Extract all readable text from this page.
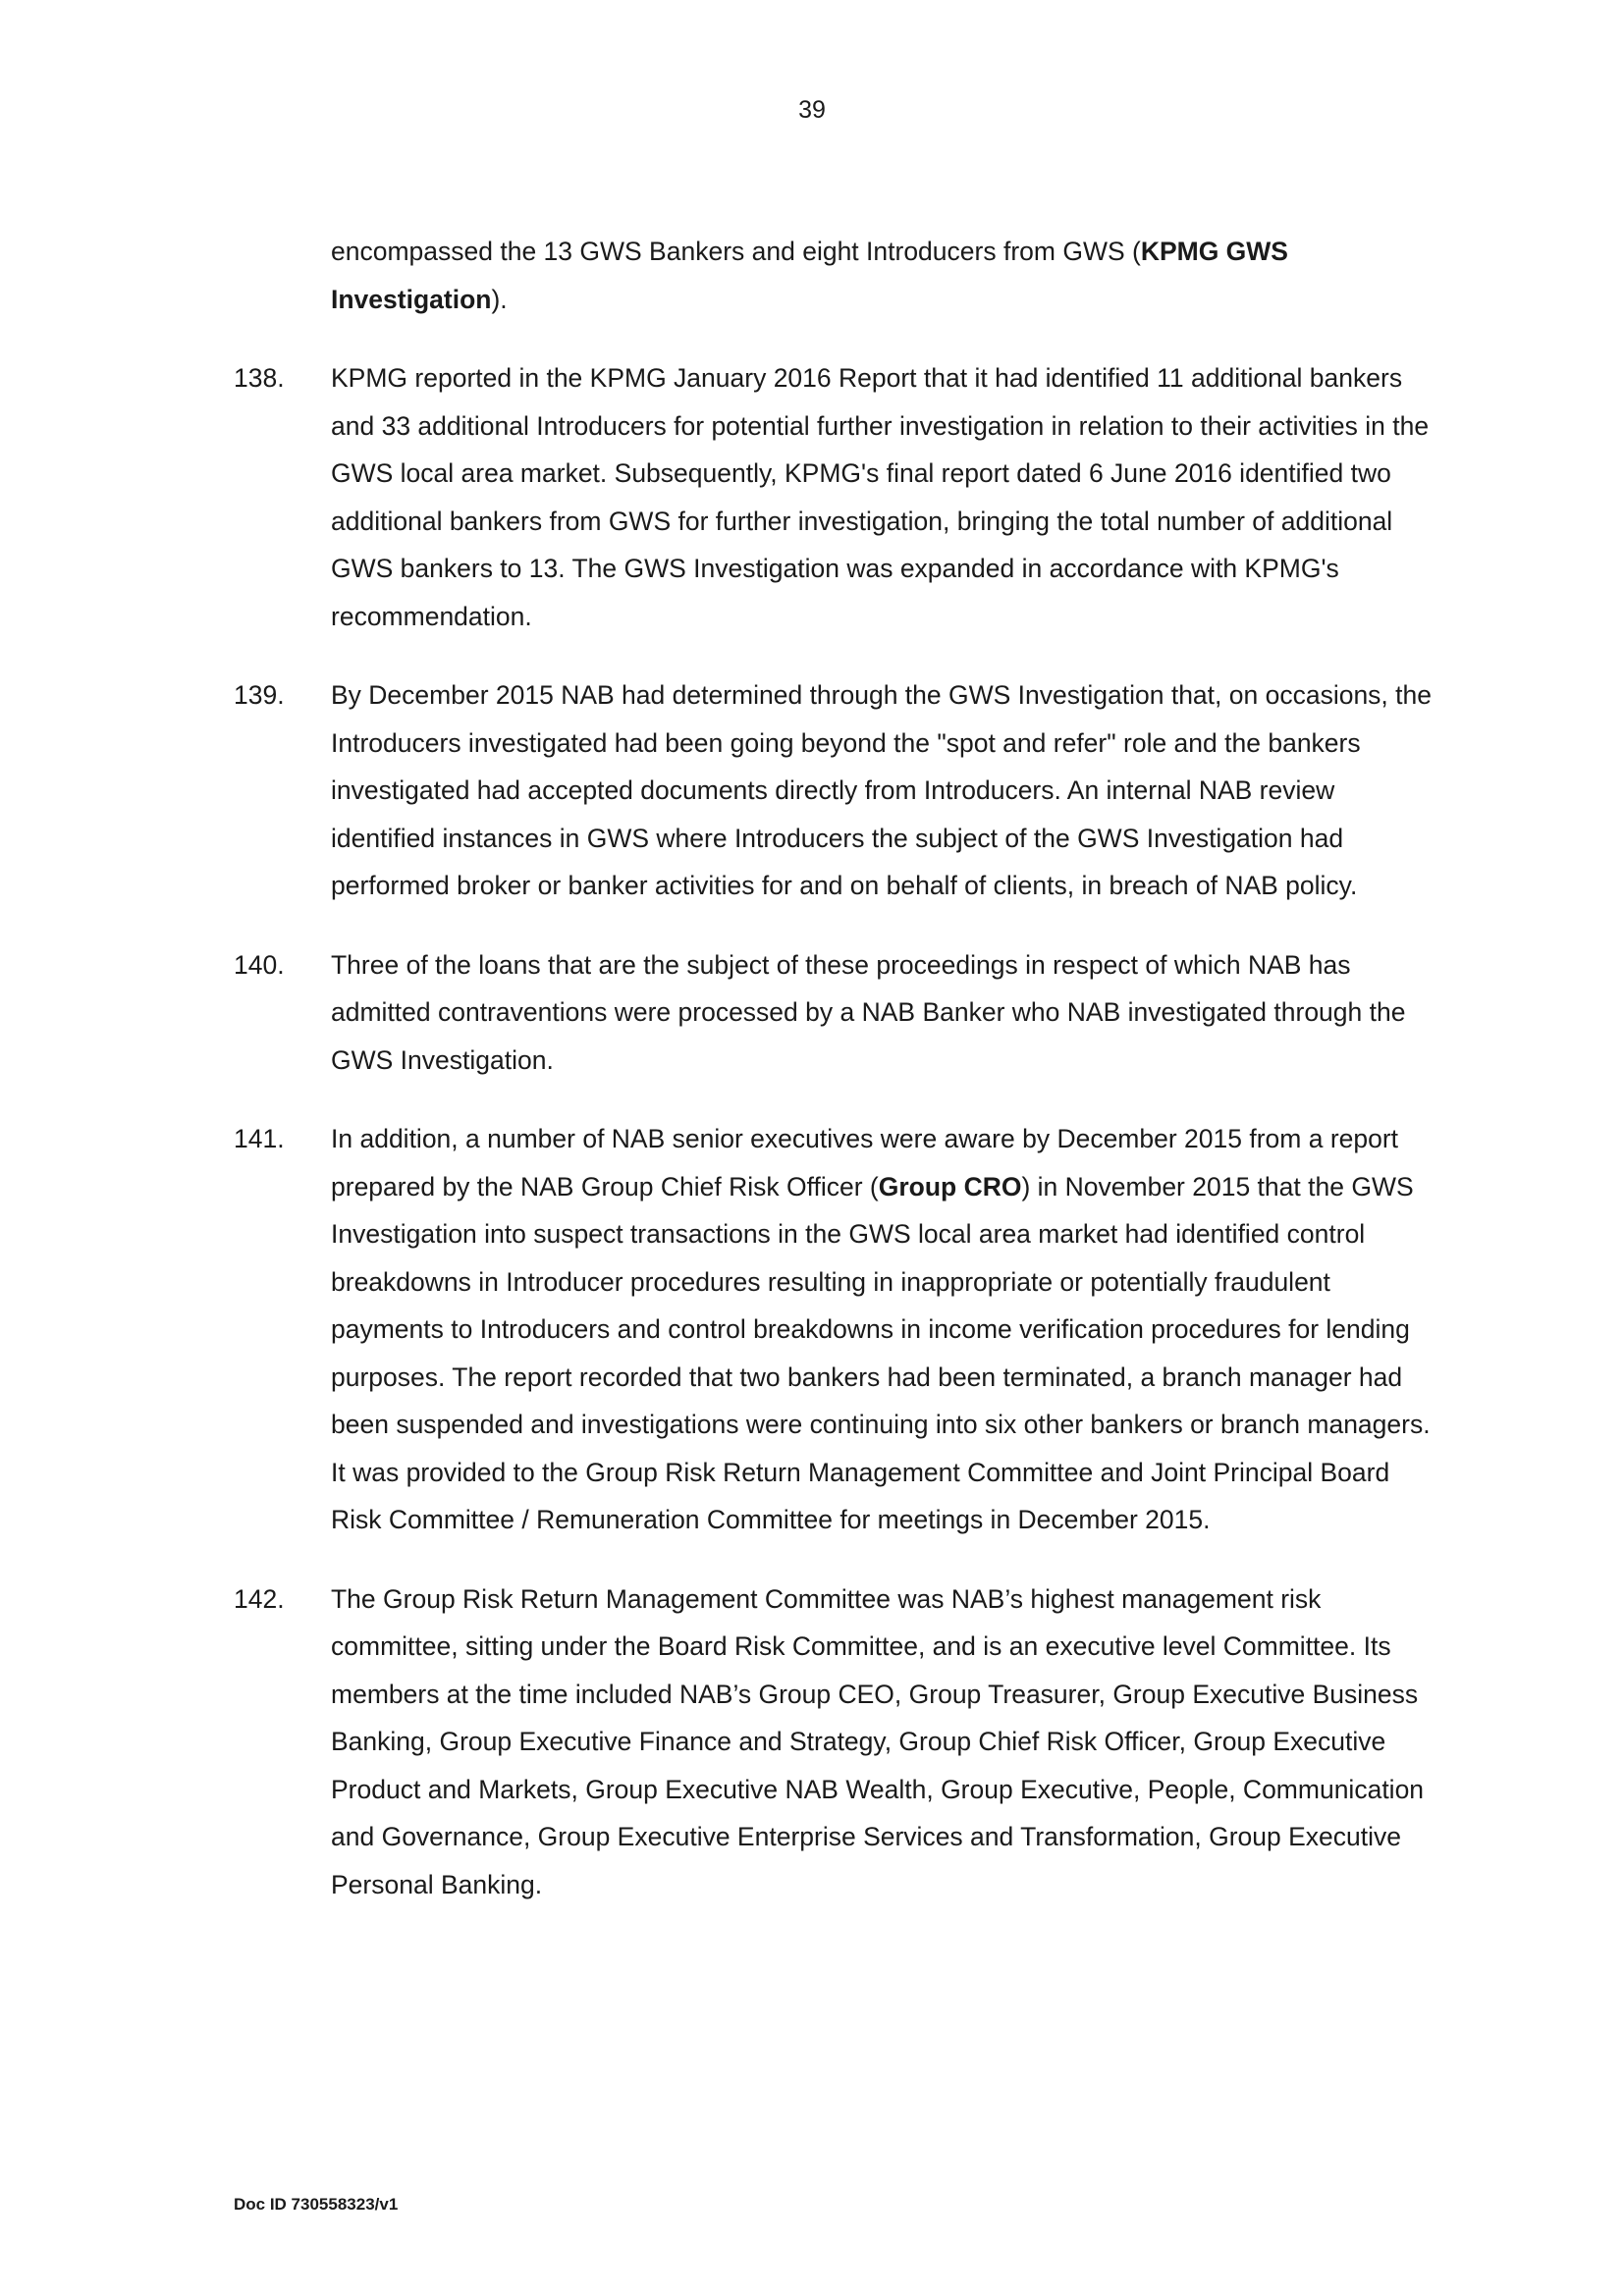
39
encompassed the 13 GWS Bankers and eight Introducers from GWS (KPMG GWS Investigation).
138.	KPMG reported in the KPMG January 2016 Report that it had identified 11 additional bankers and 33 additional Introducers for potential further investigation in relation to their activities in the GWS local area market. Subsequently, KPMG's final report dated 6 June 2016 identified two additional bankers from GWS for further investigation, bringing the total number of additional GWS bankers to 13. The GWS Investigation was expanded in accordance with KPMG's recommendation.
139.	By December 2015 NAB had determined through the GWS Investigation that, on occasions, the Introducers investigated had been going beyond the "spot and refer" role and the bankers investigated had accepted documents directly from Introducers. An internal NAB review identified instances in GWS where Introducers the subject of the GWS Investigation had performed broker or banker activities for and on behalf of clients, in breach of NAB policy.
140.	Three of the loans that are the subject of these proceedings in respect of which NAB has admitted contraventions were processed by a NAB Banker who NAB investigated through the GWS Investigation.
141.	In addition, a number of NAB senior executives were aware by December 2015 from a report prepared by the NAB Group Chief Risk Officer (Group CRO) in November 2015 that the GWS Investigation into suspect transactions in the GWS local area market had identified control breakdowns in Introducer procedures resulting in inappropriate or potentially fraudulent payments to Introducers and control breakdowns in income verification procedures for lending purposes. The report recorded that two bankers had been terminated, a branch manager had been suspended and investigations were continuing into six other bankers or branch managers. It was provided to the Group Risk Return Management Committee and Joint Principal Board Risk Committee / Remuneration Committee for meetings in December 2015.
142.	The Group Risk Return Management Committee was NAB’s highest management risk committee, sitting under the Board Risk Committee, and is an executive level Committee. Its members at the time included NAB’s Group CEO, Group Treasurer, Group Executive Business Banking, Group Executive Finance and Strategy, Group Chief Risk Officer, Group Executive Product and Markets, Group Executive NAB Wealth, Group Executive, People, Communication and Governance, Group Executive Enterprise Services and Transformation, Group Executive Personal Banking.
Doc ID 730558323/v1
